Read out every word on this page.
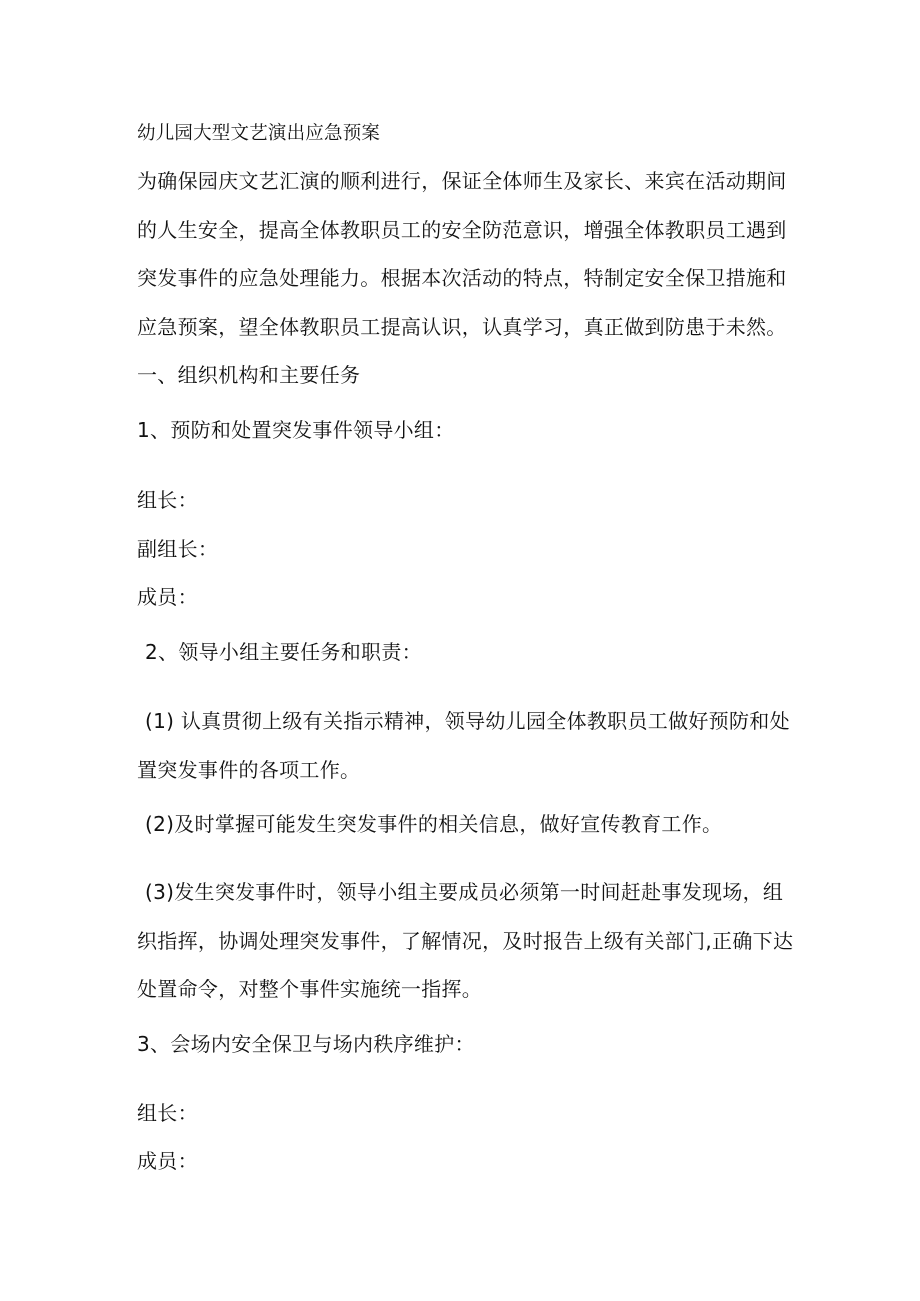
幼儿园大型文艺演出应急预案
为确保园庆文艺汇演的顺利进行，保证全体师生及家长、来宾在活动期间
的人生安全，提高全体教职员工的安全防范意识，增强全体教职员工遇到
突发事件的应急处理能力。根据本次活动的特点，特制定安全保卫措施和
应急预案，望全体教职员工提高认识，认真学习，真正做到防患于未然。
一、组织机构和主要任务
1、预防和处置突发事件领导小组：
组长：
副组长：
成员：
2、领导小组主要任务和职责：
(1) 认真贯彻上级有关指示精神，领导幼儿园全体教职员工做好预防和处
置突发事件的各项工作。
(2)及时掌握可能发生突发事件的相关信息，做好宣传教育工作。
(3)发生突发事件时，领导小组主要成员必须第一时间赶赴事发现场，组
织指挥，协调处理突发事件，了解情况，及时报告上级有关部门,正确下达
处置命令，对整个事件实施统一指挥。
3、会场内安全保卫与场内秩序维护：
组长：
成员：
